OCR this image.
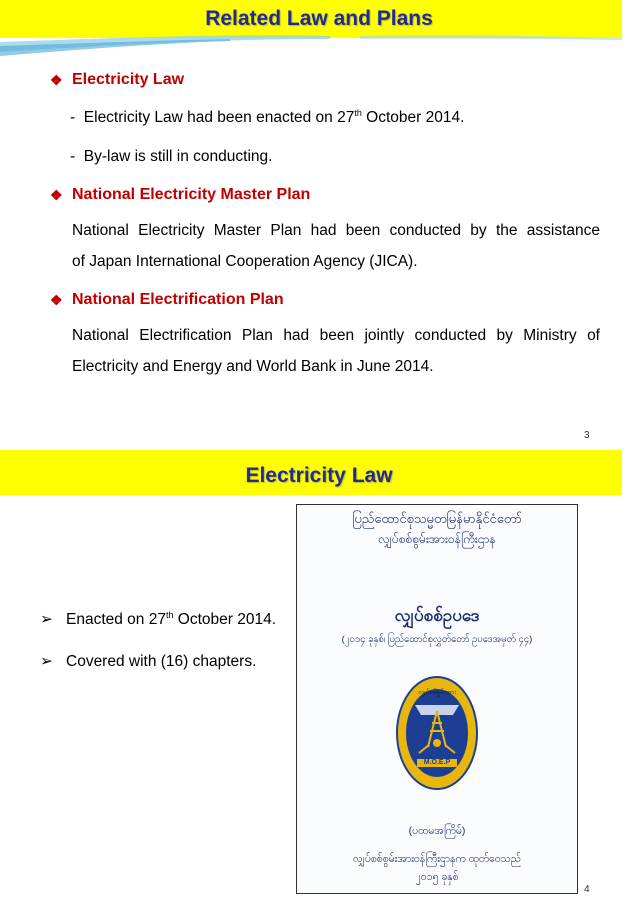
Related Law and Plans
❖ Electricity Law
-  Electricity Law had been enacted on 27th October 2014.
-  By-law is still in conducting.
❖ National Electricity Master Plan
National Electricity Master Plan had been conducted by the assistance
of Japan International Cooperation Agency (JICA).
❖ National Electrification Plan
National Electrification Plan had been jointly conducted by Ministry of
Electricity and Energy and World Bank in June 2014.
3
Electricity Law
➢ Enacted on 27th October 2014.
➢ Covered with (16) chapters.
ပြည်ထောင်စုသမ္မတမြန်မာနိုင်ငံတော်
လျှပ်စစ်စွမ်းအားဝန်ကြီးဌာန
လျှပ်စစ်ဥပဒေ
(၂၀၁၄ ခုနှစ်၊ ပြည်ထောင်စုလွှတ်တော် ဥပဒေအမှတ် ၄၄)
လျှပ်စစ်စွမ်းအား
M.O.E.P
(ပထမအကြိမ်)
လျှပ်စစ်စွမ်းအားဝန်ကြီးဌာနက ထုတ်ဝေသည်
၂၀၁၅ ခုနှစ်
4
